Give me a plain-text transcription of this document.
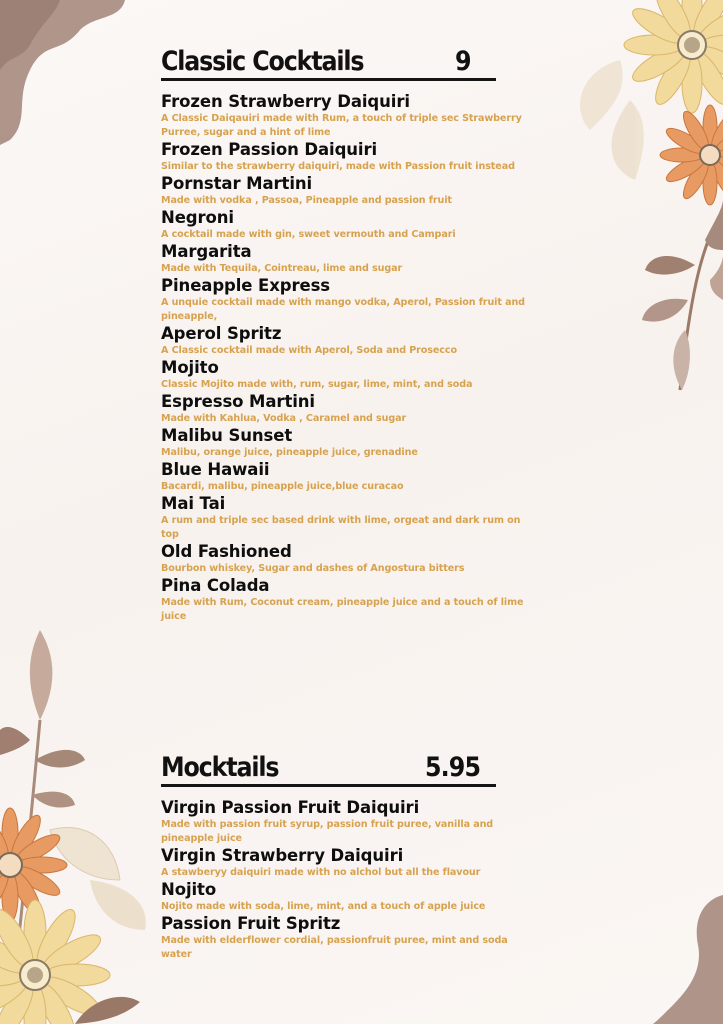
Classic Cocktails	9
Frozen Strawberry Daiquiri
A Classic Daiqauiri made with Rum, a touch of triple sec Strawberry Purree, sugar and a hint of lime
Frozen Passion Daiquiri
Similar to the strawberry daiquiri, made with Passion fruit instead
Pornstar Martini
Made with vodka , Passoa, Pineapple and passion fruit
Negroni
A cocktail made with gin, sweet vermouth and Campari
Margarita
Made with Tequila, Cointreau, lime and sugar
Pineapple Express
A unquie cocktail made with mango vodka, Aperol, Passion fruit and pineapple,
Aperol Spritz
A Classic cocktail made with Aperol, Soda and Prosecco
Mojito
Classic Mojito made with, rum, sugar, lime, mint, and soda
Espresso Martini
Made with Kahlua, Vodka , Caramel and sugar
Malibu Sunset
Malibu, orange juice, pineapple juice, grenadine
Blue Hawaii
Bacardi, malibu, pineapple juice,blue curacao
Mai Tai
A rum and triple sec based drink with lime, orgeat and dark rum on top
Old Fashioned
Bourbon whiskey, Sugar and dashes of Angostura bitters
Pina Colada
Made with Rum, Coconut cream, pineapple juice and a touch of lime juice
Mocktails	5.95
Virgin Passion Fruit Daiquiri
Made with passion fruit syrup, passion fruit puree, vanilla and pineapple juice
Virgin Strawberry Daiquiri
A stawberyy daiquiri made with no alchol but all the flavour
Nojito
Nojito made with soda, lime, mint, and a touch of apple juice
Passion Fruit Spritz
Made with elderflower cordial, passionfruit puree, mint and soda water
